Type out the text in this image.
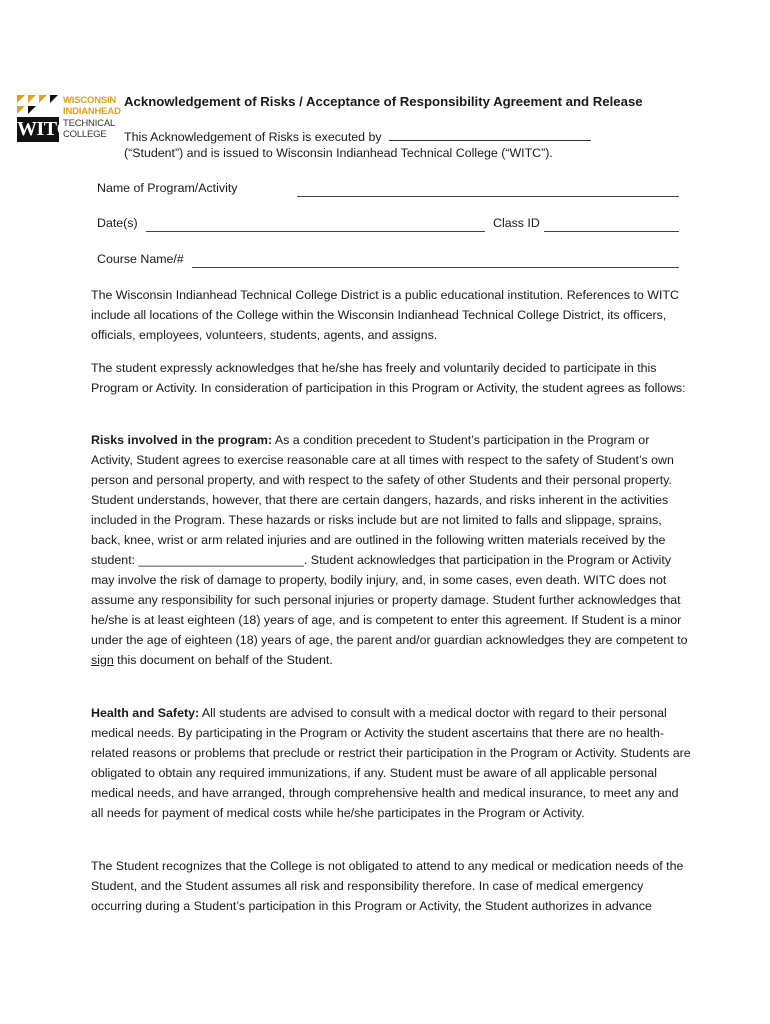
WITC
WISCONSIN
INDIANHEAD
TECHNICAL
COLLEGE
Acknowledgement of Risks / Acceptance of Responsibility Agreement and Release
This Acknowledgement of Risks is executed by
(“Student”) and is issued to Wisconsin Indianhead Technical College (“WITC”).
Name of Program/Activity
Date(s)	Class ID
Course Name/#

The Wisconsin Indianhead Technical College District is a public educational institution. References to WITC include all locations of the College within the Wisconsin Indianhead Technical College District, its officers, officials, employees, volunteers, students, agents, and assigns.

The student expressly acknowledges that he/she has freely and voluntarily decided to participate in this Program or Activity. In consideration of participation in this Program or Activity, the student agrees as follows:

Risks involved in the program: As a condition precedent to Student’s participation in the Program or Activity, Student agrees to exercise reasonable care at all times with respect to the safety of Student’s own person and personal property, and with respect to the safety of other Students and their personal property. Student understands, however, that there are certain dangers, hazards, and risks inherent in the activities included in the Program. These hazards or risks include but are not limited to falls and slippage, sprains, back, knee, wrist or arm related injuries and are outlined in the following written materials received by the student: ________________________. Student acknowledges that participation in the Program or Activity may involve the risk of damage to property, bodily injury, and, in some cases, even death. WITC does not assume any responsibility for such personal injuries or property damage. Student further acknowledges that he/she is at least eighteen (18) years of age, and is competent to enter this agreement. If Student is a minor under the age of eighteen (18) years of age, the parent and/or guardian acknowledges they are competent to sign this document on behalf of the Student.

Health and Safety: All students are advised to consult with a medical doctor with regard to their personal medical needs. By participating in the Program or Activity the student ascertains that there are no health-related reasons or problems that preclude or restrict their participation in the Program or Activity. Students are obligated to obtain any required immunizations, if any. Student must be aware of all applicable personal medical needs, and have arranged, through comprehensive health and medical insurance, to meet any and all needs for payment of medical costs while he/she participates in the Program or Activity.

The Student recognizes that the College is not obligated to attend to any medical or medication needs of the Student, and the Student assumes all risk and responsibility therefore. In case of medical emergency occurring during a Student’s participation in this Program or Activity, the Student authorizes in advance
